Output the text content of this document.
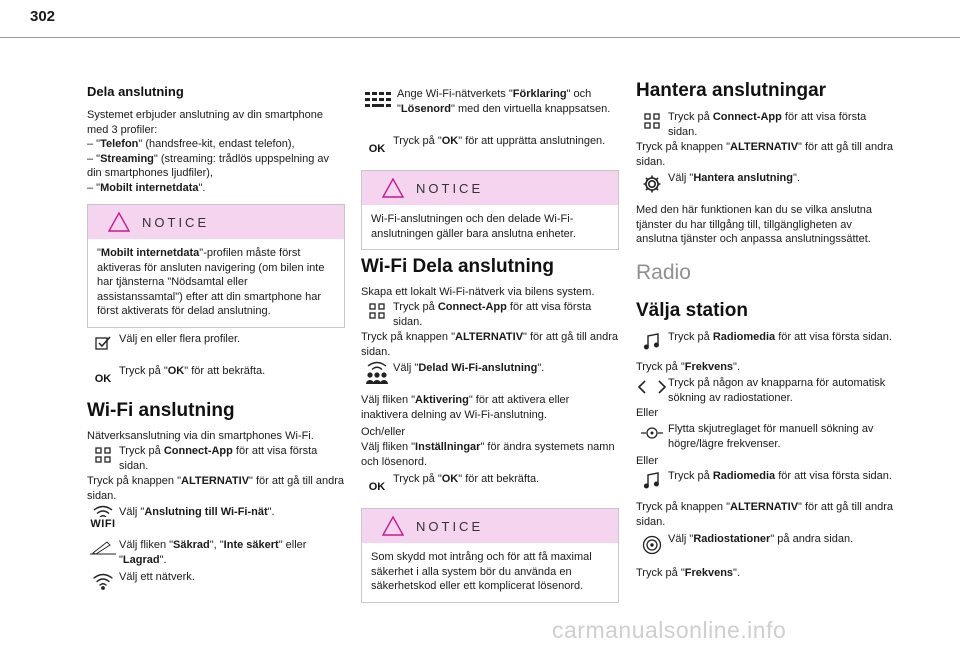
302
Dela anslutning
Systemet erbjuder anslutning av din smartphone med 3 profiler:
– "Telefon" (handsfree-kit, endast telefon),
– "Streaming" (streaming: trådlös uppspelning av din smartphones ljudfiler),
– "Mobilt internetdata".
NOTICE
"Mobilt internetdata"-profilen måste först aktiveras för ansluten navigering (om bilen inte har tjänsterna "Nödsamtal eller assistanssamtal") efter att din smartphone har först aktiverats för delad anslutning.
Välj en eller flera profiler.
OK
Tryck på "OK" för att bekräfta.
Wi-Fi anslutning
Nätverksanslutning via din smartphones Wi-Fi.
Tryck på Connect-App för att visa första sidan.
Tryck på knappen "ALTERNATIV" för att gå till andra sidan.
WIFI
Välj "Anslutning till Wi-Fi-nät".
Välj fliken "Säkrad", "Inte säkert" eller "Lagrad".
Välj ett nätverk.
Ange Wi-Fi-nätverkets "Förklaring" och "Lösenord" med den virtuella knappsatsen.
OK
Tryck på "OK" för att upprätta anslutningen.
NOTICE
Wi-Fi-anslutningen och den delade Wi-Fi-anslutningen gäller bara anslutna enheter.
Wi-Fi Dela anslutning
Skapa ett lokalt Wi-Fi-nätverk via bilens system.
Tryck på Connect-App för att visa första sidan.
Tryck på knappen "ALTERNATIV" för att gå till andra sidan.
Välj "Delad Wi-Fi-anslutning".
Välj fliken "Aktivering" för att aktivera eller inaktivera delning av Wi-Fi-anslutning.
Och/eller
Välj fliken "Inställningar" för ändra systemets namn och lösenord.
OK
Tryck på "OK" för att bekräfta.
NOTICE
Som skydd mot intrång och för att få maximal säkerhet i alla system bör du använda en säkerhetskod eller ett komplicerat lösenord.
Hantera anslutningar
Tryck på Connect-App för att visa första sidan.
Tryck på knappen "ALTERNATIV" för att gå till andra sidan.
Välj "Hantera anslutning".
Med den här funktionen kan du se vilka anslutna tjänster du har tillgång till, tillgängligheten av anslutna tjänster och anpassa anslutningssättet.
Radio
Välja station
Tryck på Radiomedia för att visa första sidan.
Tryck på "Frekvens".
Tryck på någon av knapparna för automatisk sökning av radiostationer.
Eller
Flytta skjutreglaget för manuell sökning av högre/lägre frekvenser.
Eller
Tryck på Radiomedia för att visa första sidan.
Tryck på knappen "ALTERNATIV" för att gå till andra sidan.
Välj "Radiostationer" på andra sidan.
Tryck på "Frekvens".
carmanualsonline.info
